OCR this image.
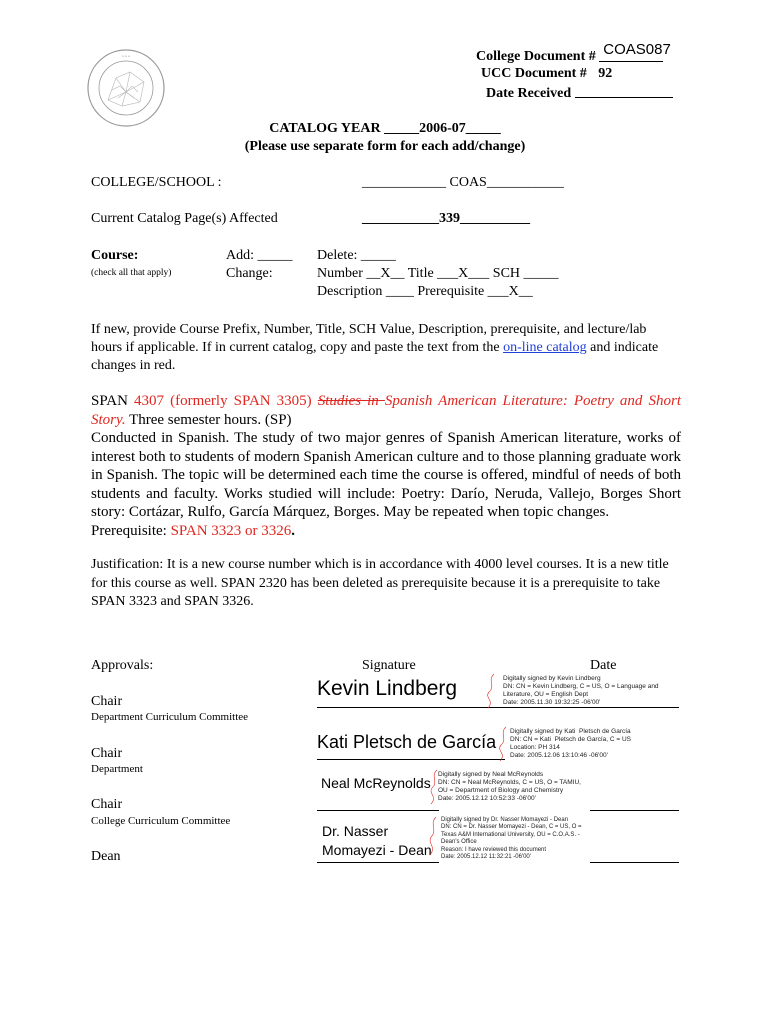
• • •	College Document # COAS087
UCC Document # 92
Date Received
CATALOG YEAR _____2006-07_____
(Please use separate form for each add/change)
COLLEGE/SCHOOL :	____________ COAS___________
Current Catalog Page(s) Affected	___________339__________
Course:
(check all that apply)
Add: _____
Change:
Delete: _____
Number __X__ Title ___X___ SCH _____
Description ____ Prerequisite ___X__
If new, provide Course Prefix, Number, Title, SCH Value, Description, prerequisite, and lecture/lab hours if applicable. If in current catalog, copy and paste the text from the on-line catalog and indicate changes in red.
SPAN 4307 (formerly SPAN 3305) Studies in Spanish American Literature: Poetry and Short Story. Three semester hours. (SP)
Conducted in Spanish. The study of two major genres of Spanish American literature, works of interest both to students of modern Spanish American culture and to those planning graduate work in Spanish. The topic will be determined each time the course is offered, mindful of needs of both students and faculty. Works studied will include: Poetry: Darío, Neruda, Vallejo, Borges Short story: Cortázar, Rulfo, García Márquez, Borges. May be repeated when topic changes.
Prerequisite: SPAN 3323 or 3326.
Justification: It is a new course number which is in accordance with 4000 level courses. It is a new title for this course as well. SPAN 2320 has been deleted as prerequisite because it is a prerequisite to take SPAN 3323 and SPAN 3326.
Approvals:	Signature	Date
Chair
Department Curriculum Committee
Kevin Lindberg	Digitally signed by Kevin Lindberg
DN: CN = Kevin Lindberg, C = US, O = Language and Literature, OU = English Dept
Date: 2005.11.30 19:32:25 -06'00'
Chair
Department
Kati Pletsch de García
Digitally signed by Kati  Pletsch de García
DN: CN = Kati  Pletsch de García, C = US
Location: PH 314
Date: 2005.12.06 13:10:46 -06'00'
Chair
College Curriculum Committee
Neal McReynolds
Digitally signed by Neal McReynolds
DN: CN = Neal McReynolds, C = US, O = TAMIU, OU = Department of Biology and Chemistry
Date: 2005.12.12 10:52:33 -06'00'
Dean
Dr. Nasser Momayezi - Dean
Digitally signed by Dr. Nasser Momayezi - Dean
DN: CN = Dr. Nasser Momayezi - Dean, C = US, O = Texas A&M International University, OU = C.O.A.S. - Dean's Office
Reason: I have reviewed this document
Date: 2005.12.12 11:32:21 -06'00'
